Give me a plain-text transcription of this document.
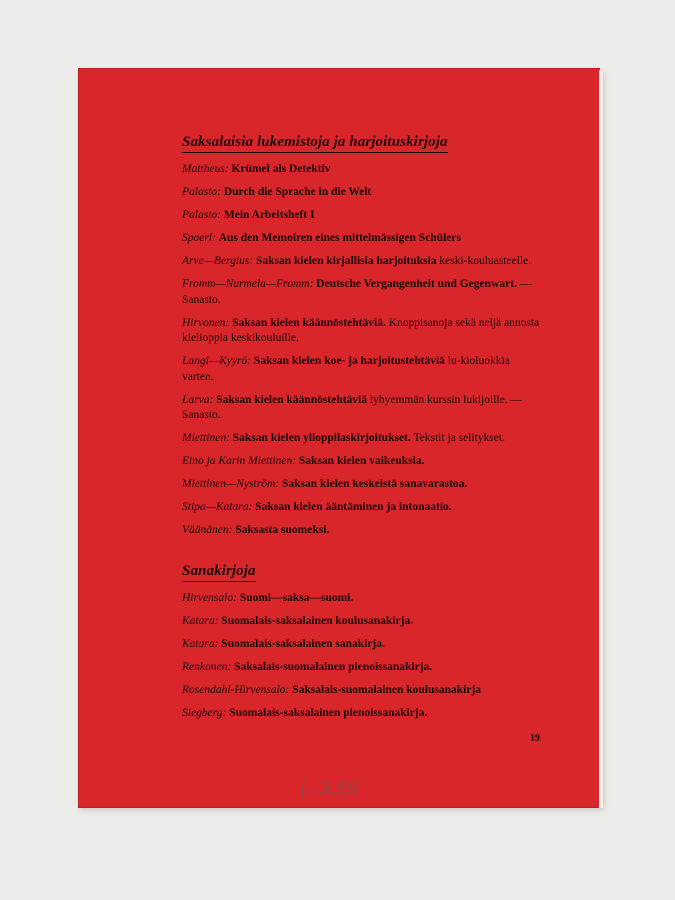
Saksalaisia lukemistoja ja harjoituskirjoja
Mattheus: Krümel als Detektiv
Palasto: Durch die Sprache in die Welt
Palasto: Mein Arbeitsheft I
Spoerl: Aus den Memoiren eines mittelmässigen Schülers
Arve—Bergius: Saksan kielen kirjallisia harjoituksia keski-kouluasteelle.
Fromm—Nurmela—Fromm: Deutsche Vergangenheit und Gegenwart. — Sanasto.
Hirvonen: Saksan kielen käännöstehtäviä. Knoppisanoja sekä neljä annosta kielioppia keskikouluille.
Langi—Kyyrö: Saksan kielen koe- ja harjoitustehtäviä lu-kioluokkia varten.
Larva: Saksan kielen käännöstehtäviä lyhyemmän kurssin lukijoille. — Sanasto.
Miettinen: Saksan kielen ylioppilaskirjoitukset. Tekstit ja selitykset.
Eino ja Karin Miettinen: Saksan kielen vaikeuksia.
Miettinen—Nyström: Saksan kielen keskeistä sanavarastoa.
Stipa—Katara: Saksan kielen ääntäminen ja intonaatio.
Väänänen: Saksasta suomeksi.
Sanakirjoja
Hirvensalo: Suomi—saksa—suomi.
Katara: Suomalais-saksalainen koulusanakirja.
Katara: Suomalais-saksalainen sanakirja.
Renkonen: Saksalais-suomalainen pienoissanakirja.
Rosendahl-Hirvensalo: Saksalais-suomalainen koulusanakirja
Siegberg: Suomalais-saksalainen pienoissanakirja.
19
3,60
